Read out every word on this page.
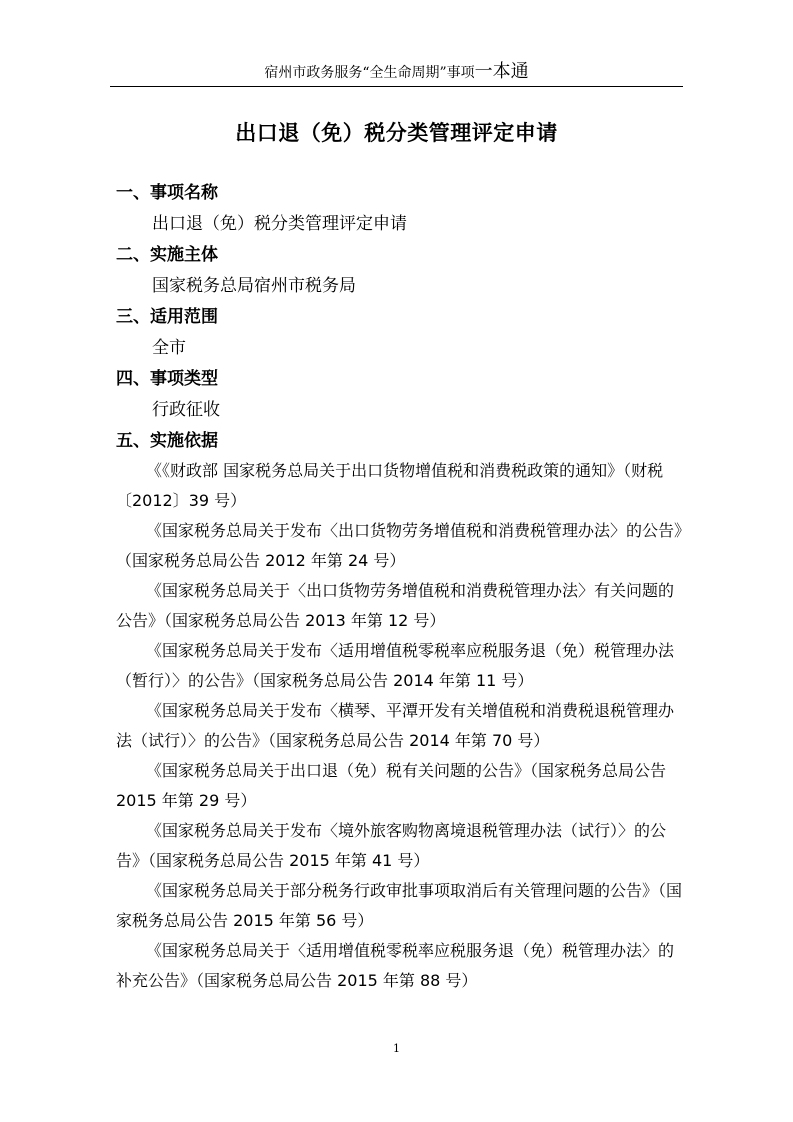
宿州市政务服务“全生命周期”事项一本通
出口退（免）税分类管理评定申请
一、事项名称
出口退（免）税分类管理评定申请
二、实施主体
国家税务总局宿州市税务局
三、适用范围
全市
四、事项类型
行政征收
五、实施依据

《《财政部 国家税务总局关于出口货物增值税和消费税政策的通知》（财税〔2012〕39 号）

《国家税务总局关于发布〈出口货物劳务增值税和消费税管理办法〉的公告》（国家税务总局公告 2012 年第 24 号）

《国家税务总局关于〈出口货物劳务增值税和消费税管理办法〉有关问题的公告》（国家税务总局公告 2013 年第 12 号）

《国家税务总局关于发布〈适用增值税零税率应税服务退（免）税管理办法（暂行）〉的公告》（国家税务总局公告 2014 年第 11 号）

《国家税务总局关于发布〈横琴、平潭开发有关增值税和消费税退税管理办法（试行）〉的公告》（国家税务总局公告 2014 年第 70 号）

《国家税务总局关于出口退（免）税有关问题的公告》（国家税务总局公告 2015 年第 29 号）

《国家税务总局关于发布〈境外旅客购物离境退税管理办法（试行）〉的公告》（国家税务总局公告 2015 年第 41 号）

《国家税务总局关于部分税务行政审批事项取消后有关管理问题的公告》（国家税务总局公告 2015 年第 56 号）

《国家税务总局关于〈适用增值税零税率应税服务退（免）税管理办法〉的补充公告》（国家税务总局公告 2015 年第 88 号）

1
